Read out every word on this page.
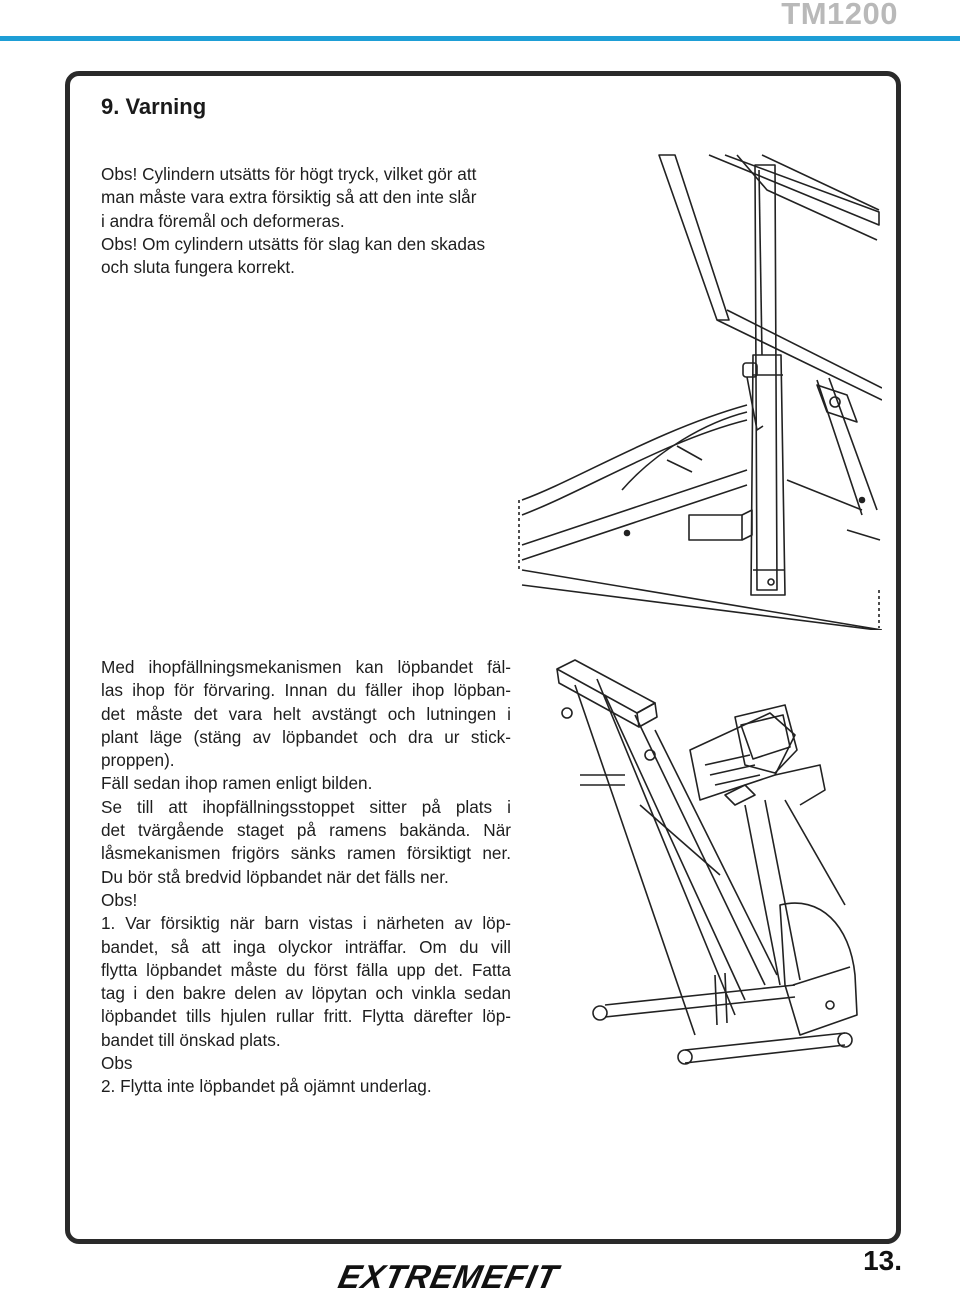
TM1200
9. Varning
Obs! Cylindern utsätts för högt tryck, vilket gör att
man måste vara extra försiktig så att den inte slår
i andra föremål och deformeras.
Obs! Om cylindern utsätts för slag kan den skadas
och sluta fungera korrekt.
Med ihopfällningsmekanismen kan löpbandet fäl-
las ihop för förvaring. Innan du fäller ihop löpban-
det måste det vara helt avstängt och lutningen i
plant läge (stäng av löpbandet och dra ur stick-
proppen).
Fäll sedan ihop ramen enligt bilden.
Se till att ihopfällningsstoppet sitter på plats i
det tvärgående staget på ramens bakända. När
låsmekanismen frigörs sänks ramen försiktigt ner.
Du bör stå bredvid löpbandet när det fälls ner.
Obs!
1. Var försiktig när barn vistas i närheten av löp-
bandet, så att inga olyckor inträffar. Om du vill
flytta löpbandet måste du först fälla upp det. Fatta
tag i den bakre delen av löpytan och vinkla sedan
löpbandet tills hjulen rullar fritt. Flytta därefter löp-
bandet till önskad plats.
Obs
2. Flytta inte löpbandet på ojämnt underlag.
EXTREMEFIT	13.
